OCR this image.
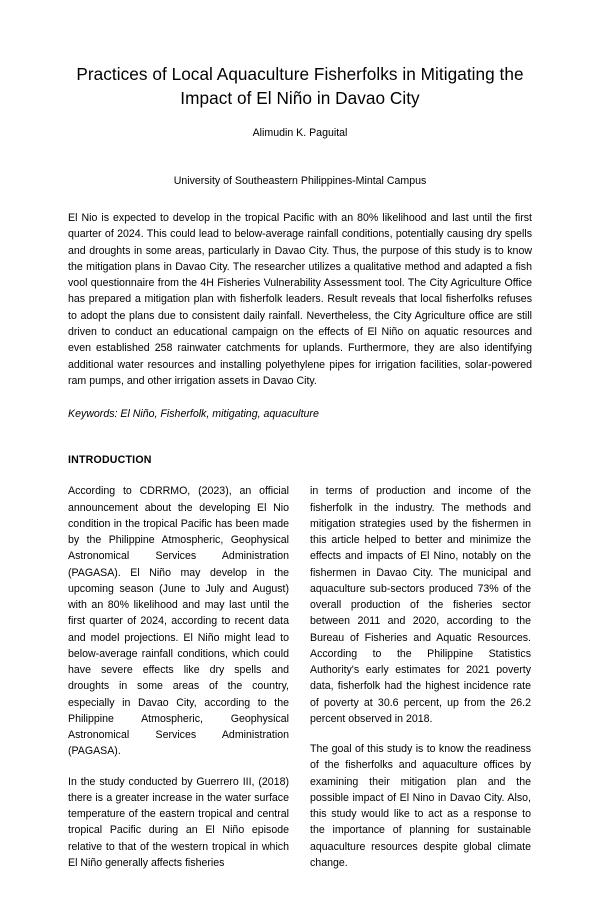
Practices of Local Aquaculture Fisherfolks in Mitigating the Impact of El Niño in Davao City

Alimudin K. Paguital

University of Southeastern Philippines-Mintal Campus

El Nio is expected to develop in the tropical Pacific with an 80% likelihood and last until the first quarter of 2024. This could lead to below-average rainfall conditions, potentially causing dry spells and droughts in some areas, particularly in Davao City. Thus, the purpose of this study is to know the mitigation plans in Davao City. The researcher utilizes a qualitative method and adapted a fish vool questionnaire from the 4H Fisheries Vulnerability Assessment tool. The City Agriculture Office has prepared a mitigation plan with fisherfolk leaders. Result reveals that local fisherfolks refuses to adopt the plans due to consistent daily rainfall. Nevertheless, the City Agriculture office are still driven to conduct an educational campaign on the effects of El Niño on aquatic resources and even established 258 rainwater catchments for uplands. Furthermore, they are also identifying additional water resources and installing polyethylene pipes for irrigation facilities, solar-powered ram pumps, and other irrigation assets in Davao City.

Keywords: El Niño, Fisherfolk, mitigating, aquaculture

INTRODUCTION

According to CDRRMO, (2023), an official announcement about the developing El Nio condition in the tropical Pacific has been made by the Philippine Atmospheric, Geophysical Astronomical Services Administration (PAGASA). El Niño may develop in the upcoming season (June to July and August) with an 80% likelihood and may last until the first quarter of 2024, according to recent data and model projections. El Niño might lead to below-average rainfall conditions, which could have severe effects like dry spells and droughts in some areas of the country, especially in Davao City, according to the Philippine Atmospheric, Geophysical Astronomical Services Administration (PAGASA).

In the study conducted by Guerrero III, (2018) there is a greater increase in the water surface temperature of the eastern tropical and central tropical Pacific during an El Niño episode relative to that of the western tropical in which El Niño generally affects fisheries

in terms of production and income of the fisherfolk in the industry. The methods and mitigation strategies used by the fishermen in this article helped to better and minimize the effects and impacts of El Nino, notably on the fishermen in Davao City. The municipal and aquaculture sub-sectors produced 73% of the overall production of the fisheries sector between 2011 and 2020, according to the Bureau of Fisheries and Aquatic Resources. According to the Philippine Statistics Authority's early estimates for 2021 poverty data, fisherfolk had the highest incidence rate of poverty at 30.6 percent, up from the 26.2 percent observed in 2018.

The goal of this study is to know the readiness of the fisherfolks and aquaculture offices by examining their mitigation plan and the possible impact of El Nino in Davao City. Also, this study would like to act as a response to the importance of planning for sustainable aquaculture resources despite global climate change.
